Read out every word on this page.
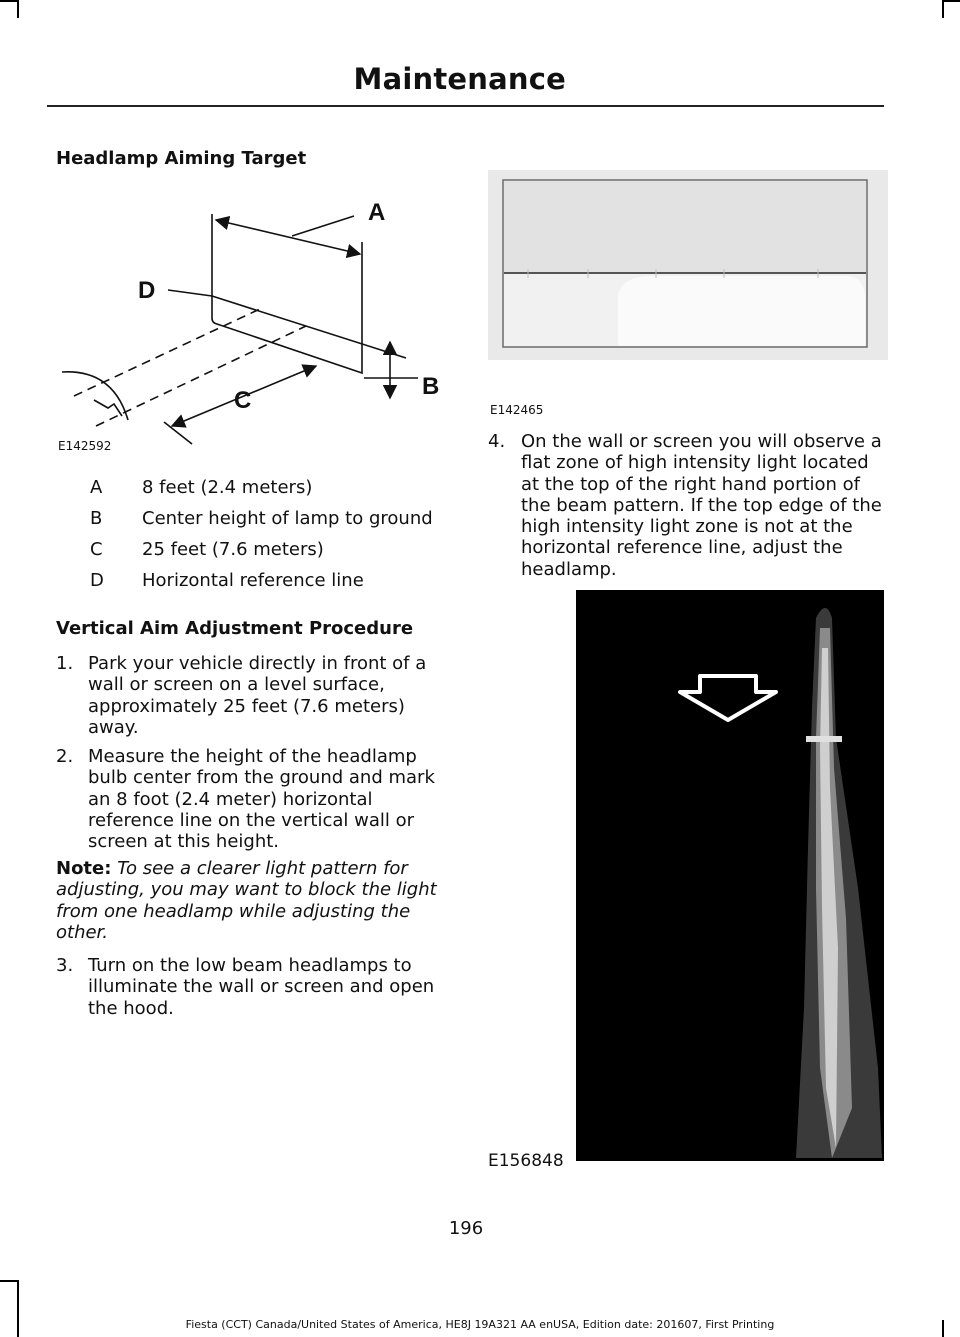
Maintenance
Headlamp Aiming Target
A
D
B
C
E142592
A	8 feet (2.4 meters)
B	Center height of lamp to ground
C	25 feet (7.6 meters)
D	Horizontal reference line
Vertical Aim Adjustment Procedure
1. Park your vehicle directly in front of a wall or screen on a level surface, approximately 25 feet (7.6 meters) away.
2. Measure the height of the headlamp bulb center from the ground and mark an 8 foot (2.4 meter) horizontal reference line on the vertical wall or screen at this height.
Note: To see a clearer light pattern for adjusting, you may want to block the light from one headlamp while adjusting the other.
3. Turn on the low beam headlamps to illuminate the wall or screen and open the hood.
E142465
4. On the wall or screen you will observe a flat zone of high intensity light located at the top of the right hand portion of the beam pattern. If the top edge of the high intensity light zone is not at the horizontal reference line, adjust the headlamp.
E156848
196
Fiesta (CCT) Canada/United States of America, HE8J 19A321 AA enUSA, Edition date: 201607, First Printing
